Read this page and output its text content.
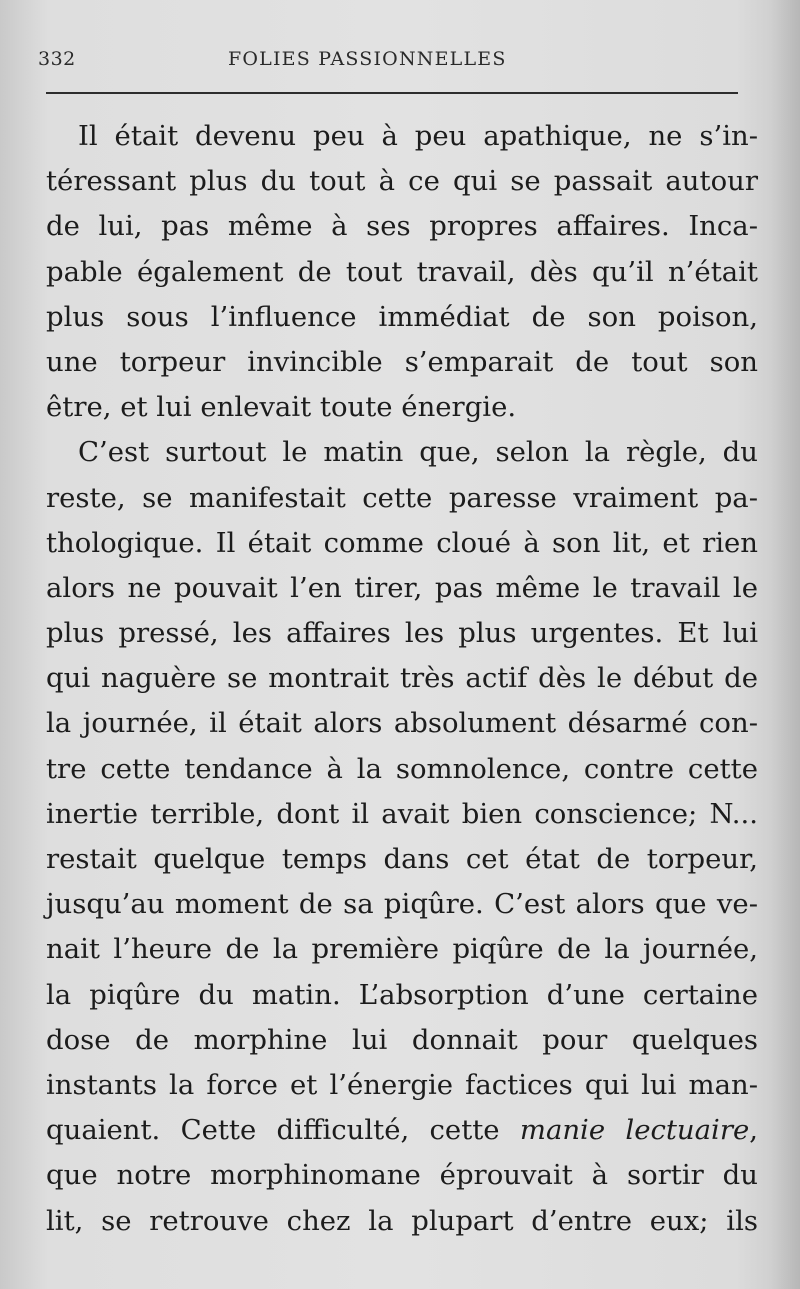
332	FOLIES PASSIONNELLES
Il était devenu peu à peu apathique, ne s’in-
téressant plus du tout à ce qui se passait autour
de lui, pas même à ses propres affaires. Inca-
pable également de tout travail, dès qu’il n’était
plus sous l’influence immédiat de son poison,
une torpeur invincible s’emparait de tout son
être, et lui enlevait toute énergie.
C’est surtout le matin que, selon la règle, du
reste, se manifestait cette paresse vraiment pa-
thologique. Il était comme cloué à son lit, et rien
alors ne pouvait l’en tirer, pas même le travail le
plus pressé, les affaires les plus urgentes. Et lui
qui naguère se montrait très actif dès le début de
la journée, il était alors absolument désarmé con-
tre cette tendance à la somnolence, contre cette
inertie terrible, dont il avait bien conscience; N...
restait quelque temps dans cet état de torpeur,
jusqu’au moment de sa piqûre. C’est alors que ve-
nait l’heure de la première piqûre de la journée,
la piqûre du matin. L’absorption d’une certaine
dose de morphine lui donnait pour quelques
instants la force et l’énergie factices qui lui man-
quaient. Cette difficulté, cette manie lectuaire,
que notre morphinomane éprouvait à sortir du
lit, se retrouve chez la plupart d’entre eux; ils
